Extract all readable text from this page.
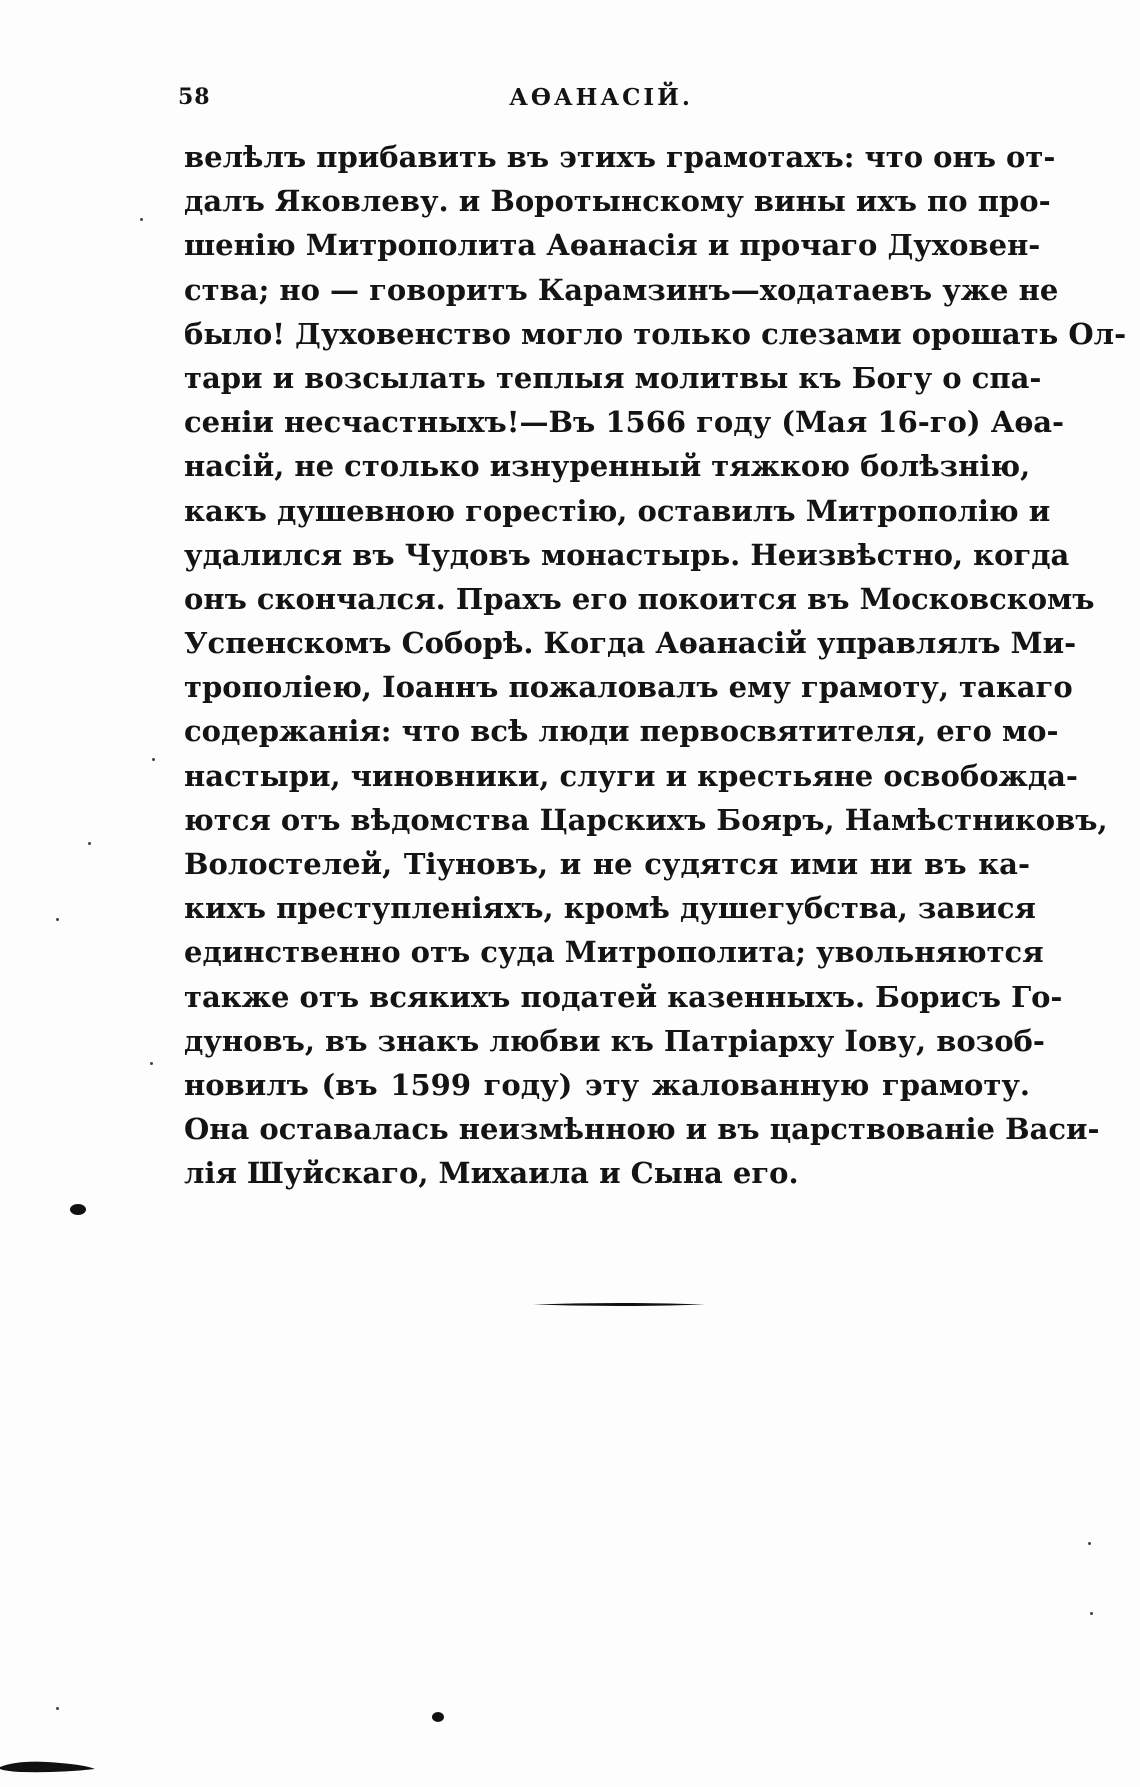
58	АѲАНАСІЙ.
велѣлъ прибавить въ этихъ грамотахъ: что онъ от-
далъ Яковлеву. и Воротынскому вины ихъ по про-
шенію Митрополита Аѳанасія и прочаго Духовен-
ства; но — говоритъ Карамзинъ—ходатаевъ уже не
было! Духовенство могло только слезами орошать Ол-
тари и возсылать теплыя молитвы къ Богу о спа-
сеніи несчастныхъ!—Въ 1566 году (Мая 16-го) Аѳа-
насій, не столько изнуренный тяжкою болѣзнію,
какъ душевною горестію, оставилъ Митрополію и
удалился въ Чудовъ монастырь. Неизвѣстно, когда
онъ скончался. Прахъ его покоится въ Московскомъ
Успенскомъ Соборѣ. Когда Аѳанасій управлялъ Ми-
трополіею, Іоаннъ пожаловалъ ему грамоту, такаго
содержанія: что всѣ люди первосвятителя, его мо-
настыри, чиновники, слуги и крестьяне освобожда-
ются отъ вѣдомства Царскихъ Бояръ, Намѣстниковъ,
Волостелей, Тіуновъ, и не судятся ими ни въ ка-
кихъ преступленіяхъ, кромѣ душегубства, завися
единственно отъ суда Митрополита; увольняются
также отъ всякихъ податей казенныхъ. Борисъ Го-
дуновъ, въ знакъ любви къ Патріарху Іову, возоб-
новилъ (въ 1599 году) эту жалованную грамоту.
Она оставалась неизмѣнною и въ царствованіе Васи-
лія Шуйскаго, Михаила и Сына его.
